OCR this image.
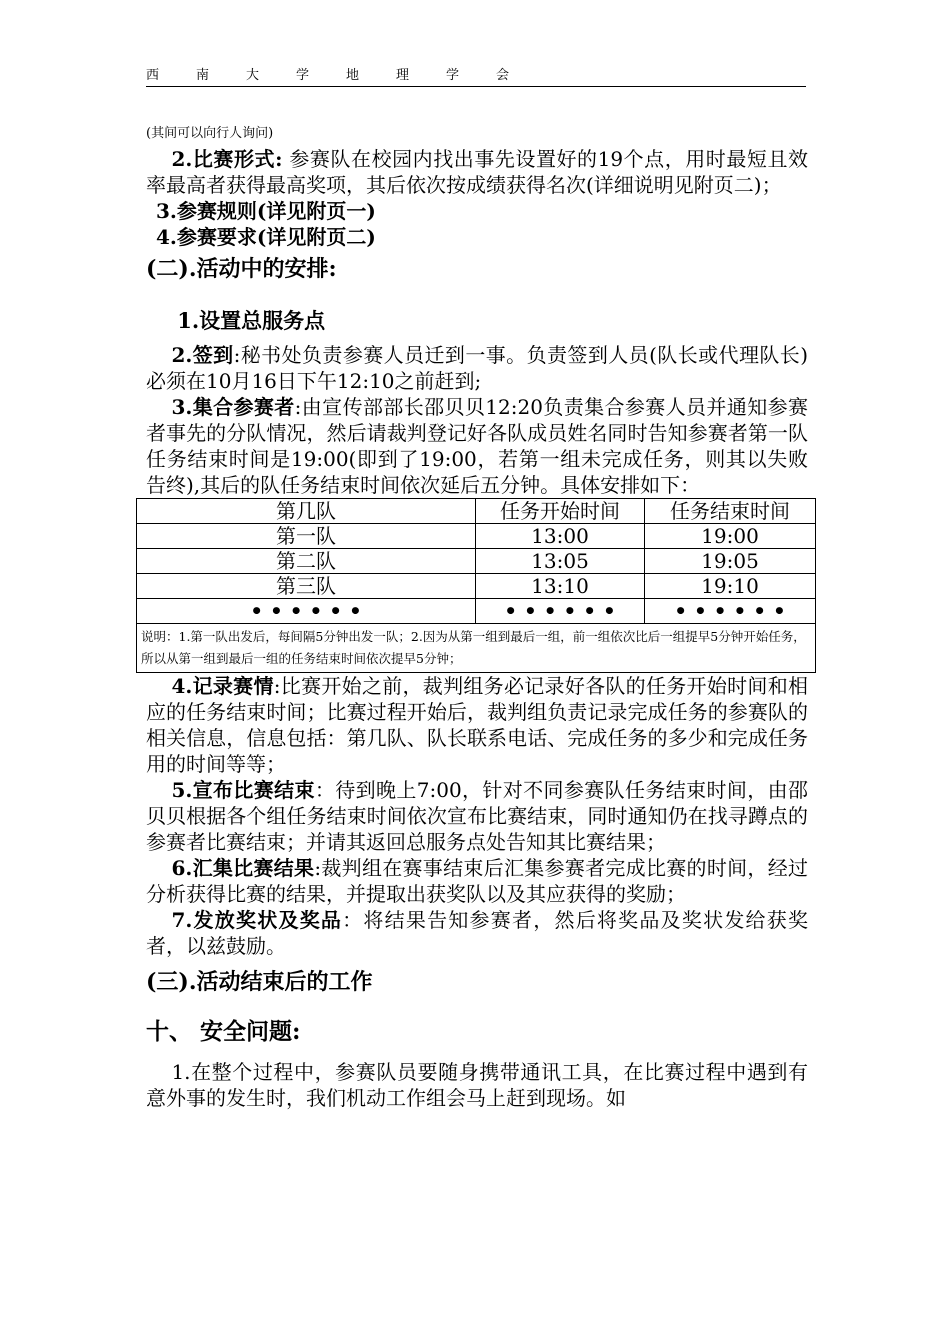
西	南	大	学	地	理	学	会

(其间可以向行人询问)

2.比赛形式: 参赛队在校园内找出事先设置好的19个点，用时最短且效率最高者获得最高奖项，其后依次按成绩获得名次(详细说明见附页二)；

3.参赛规则(详见附页一)

4.参赛要求(详见附页二)

(二).活动中的安排:

1.设置总服务点

2.签到:秘书处负责参赛人员迁到一事。负责签到人员(队长或代理队长)必须在10月16日下午12:10之前赶到;

3.集合参赛者:由宣传部部长邵贝贝12:20负责集合参赛人员并通知参赛者事先的分队情况，然后请裁判登记好各队成员姓名同时告知参赛者第一队任务结束时间是19:00(即到了19:00，若第一组未完成任务，则其以失败告终),其后的队任务结束时间依次延后五分钟。具体安排如下：

第几队	任务开始时间	任务结束时间
第一队	13:00	19:00
第二队	13:05	19:05
第三队	13:10	19:10
• • • • • •	• • • • • •	• • • • • •
说明：1.第一队出发后，每间隔5分钟出发一队；2.因为从第一组到最后一组，前一组依次比后一组提早5分钟开始任务，所以从第一组到最后一组的任务结束时间依次提早5分钟；		

4.记录赛情:比赛开始之前，裁判组务必记录好各队的任务开始时间和相应的任务结束时间；比赛过程开始后，裁判组负责记录完成任务的参赛队的相关信息，信息包括：第几队、队长联系电话、完成任务的多少和完成任务用的时间等等；

5.宣布比赛结束：待到晚上7:00，针对不同参赛队任务结束时间，由邵贝贝根据各个组任务结束时间依次宣布比赛结束，同时通知仍在找寻蹲点的参赛者比赛结束；并请其返回总服务点处告知其比赛结果；

6.汇集比赛结果:裁判组在赛事结束后汇集参赛者完成比赛的时间，经过分析获得比赛的结果，并提取出获奖队以及其应获得的奖励；

7.发放奖状及奖品：将结果告知参赛者，然后将奖品及奖状发给获奖者，以兹鼓励。

(三).活动结束后的工作

十、 安全问题:

1.在整个过程中，参赛队员要随身携带通讯工具，在比赛过程中遇到有意外事的发生时，我们机动工作组会马上赶到现场。如
